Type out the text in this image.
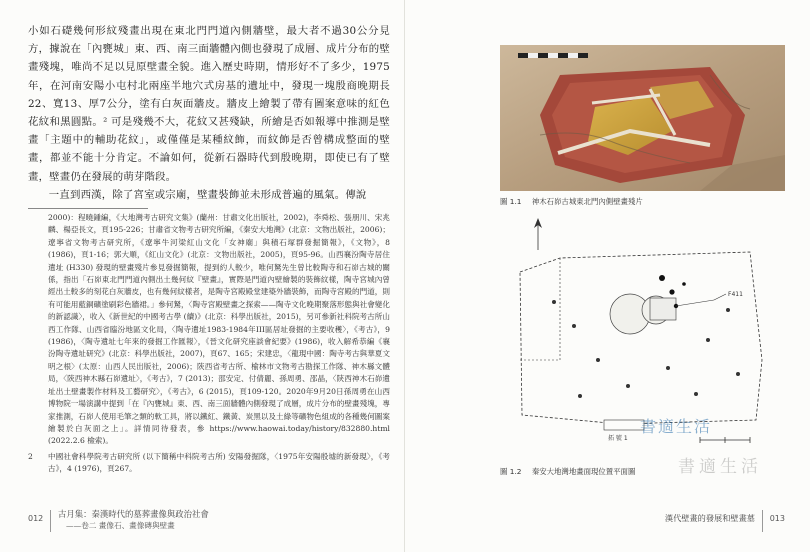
小如石礎幾何形紋殘畫出現在東北門門道內側牆壁，最大者不過30公分見方，據說在「內甕城」東、西、南三面牆體內側也發現了成層、成片分布的壁畫殘塊，唯尚不足以見原壁畫全貌。進入歷史時期，情形好不了多少，1975年，在河南安陽小屯村北兩座半地穴式房基的遺址中，發現一塊殷商晚期長22、寬13、厚7公分，塗有白灰面牆皮。牆皮上繪製了帶有圖案意味的紅色花紋和黑圓點。² 可是殘幾不大，花紋又甚殘缺，所繪是否如報導中推測是壁畫「主題中的輔助花紋」，或僅僅是某種紋飾，而紋飾是否曾構成整面的壁畫，都並不能十分肯定。不論如何，從新石器時代到殷晚期，即使已有了壁畫，壁畫仍在發展的萌芽階段。

一直到西漢，除了宮室或宗廟，壁畫裝飾並未形成普遍的風氣。傳說

2000)：程曉鍾編，《大地灣考古研究文集》(蘭州：甘肅文化出版社，2002)，李舜松、張朋川、宋兆麟、楊亞長文，頁195-226；甘肅省文物考古研究所編，《秦安大地灣》(北京：文物出版社，2006)；遼寧省文物考古研究所，《遼寧牛河梁紅山文化「女神廟」與積石塚群發掘簡報》，《文物》，8 (1986)，頁1-16；郭大順，《紅山文化》(北京：文物出版社，2005)，頁95-96。山西襄汾陶寺居住遺址 (H330) 發現的壁畫殘片參見發掘簡報，提到約人較少，唯何駑先生曾比較陶寺和石峁古城的關係，指出「石峁東北門門道內側出土幾何紋『壁畫』，實際是門道內壁繪製的裝飾紋樣，陶寺宮城內曾經出土較多的刻花白灰牆皮，也有幾何紋樣者，是陶寺宮殿殿堂建築外牆裝飾，而陶寺宮殿的門道，則有可能用藍銅礦塗刷彩色牆裙。」參何駑，〈陶寺宮殿壁畫之探索——陶寺文化晚期聚落形態與社會變化的新認識〉，收入《新世紀的中國考古學 (續)》(北京：科學出版社，2015)，另可參新社科院考古所山西工作隊、山西省臨汾地區文化局，〈陶寺遺址1983-1984年III區居址發掘的主要收穫〉，《考古》，9 (1986)，〈陶寺遺址七年來的發掘工作匯報〉，《晉文化研究座談會紀要》(1986)，收入解希恭編《襄汾陶寺遺址研究》(北京：科學出版社，2007)，頁67、165；宋建忠，〈龍現中國：陶寺考古與華夏文明之根〉(太原：山西人民出版社，2006)；陝西省考古所、榆林市文物考古勘探工作隊、神木縣文體局，〈陝西神木縣石峁遺址〉，《考古》，7 (2013)；邵安定、付倩麗、孫周勇、邵晶，〈陝西神木石峁遺址出土壁畫製作材料及工藝研究〉，《考古》，6 (2015)，頁109-120。2020年9月20日孫周勇在山西博物院一場演講中提到「在『內甕城』東、西、南三面牆體內側發現了成層，成片分布的壁畫殘塊，專家推測，石峁人使用毛筆之類的軟工具，將以鐵紅、鐵黃、炭黑以及土綠等礦物色組成的各種幾何圖案繪製於白灰面之上」。詳情同待發表，參 https://www.haowai.today/history/832880.html (2022.2.6 檢索)。
2	中國社會科學院考古研究所 (以下簡稱中科院考古所) 安陽發掘隊，〈1975年安陽殷墟的新發現〉，《考古》，4 (1976)，頁267。
012 古月集：秦漢時代的墓葬畫像與政治社會
——卷二 畫像石、畫像磚與壁畫
圖 1.1 神木石峁古城東北門內側壁畫殘片
F411
拓 號 1
書適生活
書適生活
圖 1.2 秦安大地灣地畫面現位置平面圖
漢代壁畫的發展和壁畫墓 013
